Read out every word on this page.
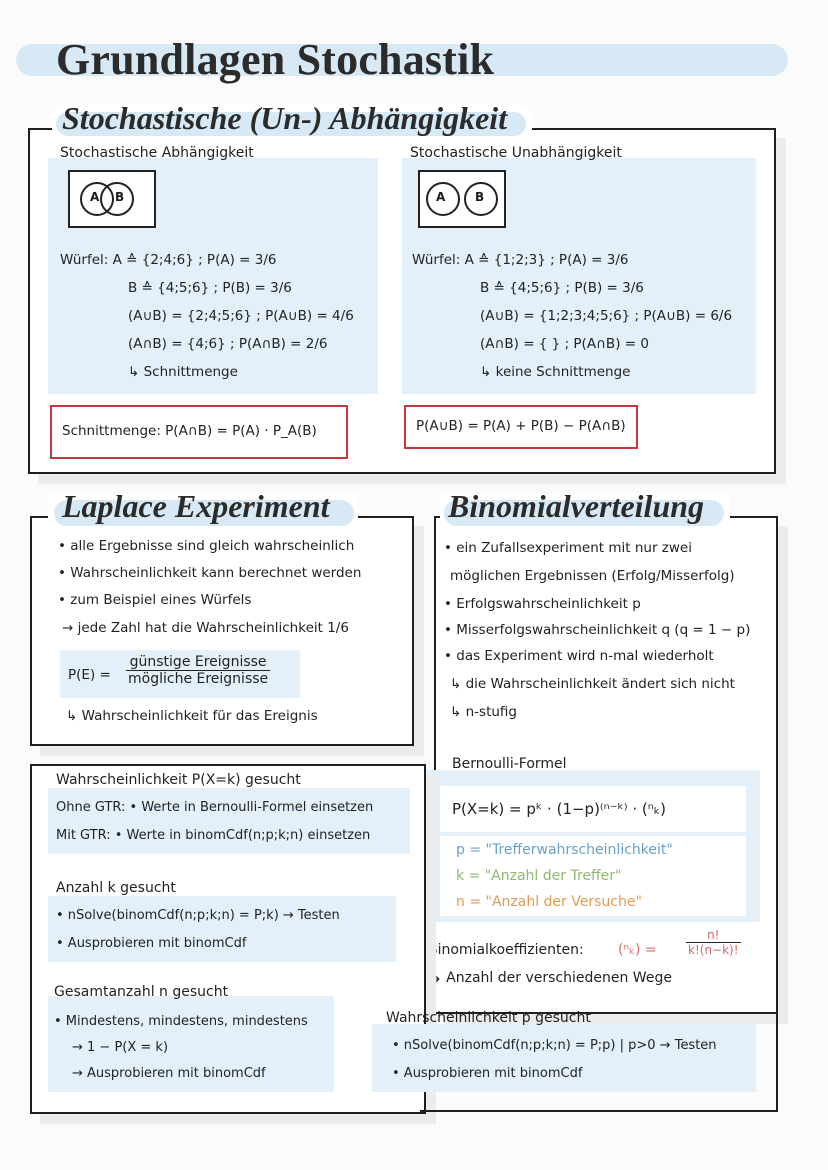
Grundlagen Stochastik
Stochastische (Un-) Abhängigkeit
Stochastische Abhängigkeit
A B
Würfel: A ≙ {2;4;6} ; P(A) = 3/6
B ≙ {4;5;6} ; P(B) = 3/6
(A∪B) = {2;4;5;6} ; P(A∪B) = 4/6
(A∩B) = {4;6} ; P(A∩B) = 2/6
↳ Schnittmenge
Schnittmenge: P(A∩B) = P(A) · P_A(B)
Stochastische Unabhängigkeit
A B
Würfel: A ≙ {1;2;3} ; P(A) = 3/6
B ≙ {4;5;6} ; P(B) = 3/6
(A∪B) = {1;2;3;4;5;6} ; P(A∪B) = 6/6
(A∩B) = { } ; P(A∩B) = 0
↳ keine Schnittmenge
P(A∪B) = P(A) + P(B) − P(A∩B)
Laplace Experiment
• alle Ergebnisse sind gleich wahrscheinlich
• Wahrscheinlichkeit kann berechnet werden
• zum Beispiel eines Würfels
→ jede Zahl hat die Wahrscheinlichkeit 1/6
P(E) =
günstige Ereignisse
mögliche Ereignisse
↳ Wahrscheinlichkeit für das Ereignis
Binomialverteilung
• ein Zufallsexperiment mit nur zwei
möglichen Ergebnissen (Erfolg/Misserfolg)
• Erfolgswahrscheinlichkeit p
• Misserfolgswahrscheinlichkeit q (q = 1 − p)
• das Experiment wird n-mal wiederholt
↳ die Wahrscheinlichkeit ändert sich nicht
↳ n-stufig
Bernoulli-Formel
P(X=k) = pᵏ · (1−p)⁽ⁿ⁻ᵏ⁾ · (ⁿₖ)
p = "Trefferwahrscheinlichkeit"
k = "Anzahl der Treffer"
n = "Anzahl der Versuche"
Binomialkoeffizienten: $(^n_k) = \frac{n!}{k!(n-k)!}$
↳ Anzahl der verschiedenen Wege
Wahrscheinlichkeit P(X=k) gesucht
Ohne GTR: • Werte in Bernoulli-Formel einsetzen
Mit GTR: • Werte in binomCdf(n;p;k;n) einsetzen
Anzahl k gesucht
• nSolve(binomCdf(n;p;k;n) = P;k) → Testen
• Ausprobieren mit binomCdf
Gesamtanzahl n gesucht
• Mindestens, mindestens, mindestens
→ 1 − P(X = k)
→ Ausprobieren mit binomCdf
Wahrscheinlichkeit p gesucht
• nSolve(binomCdf(n;p;k;n) = P;p) | p>0 → Testen
• Ausprobieren mit binomCdf
